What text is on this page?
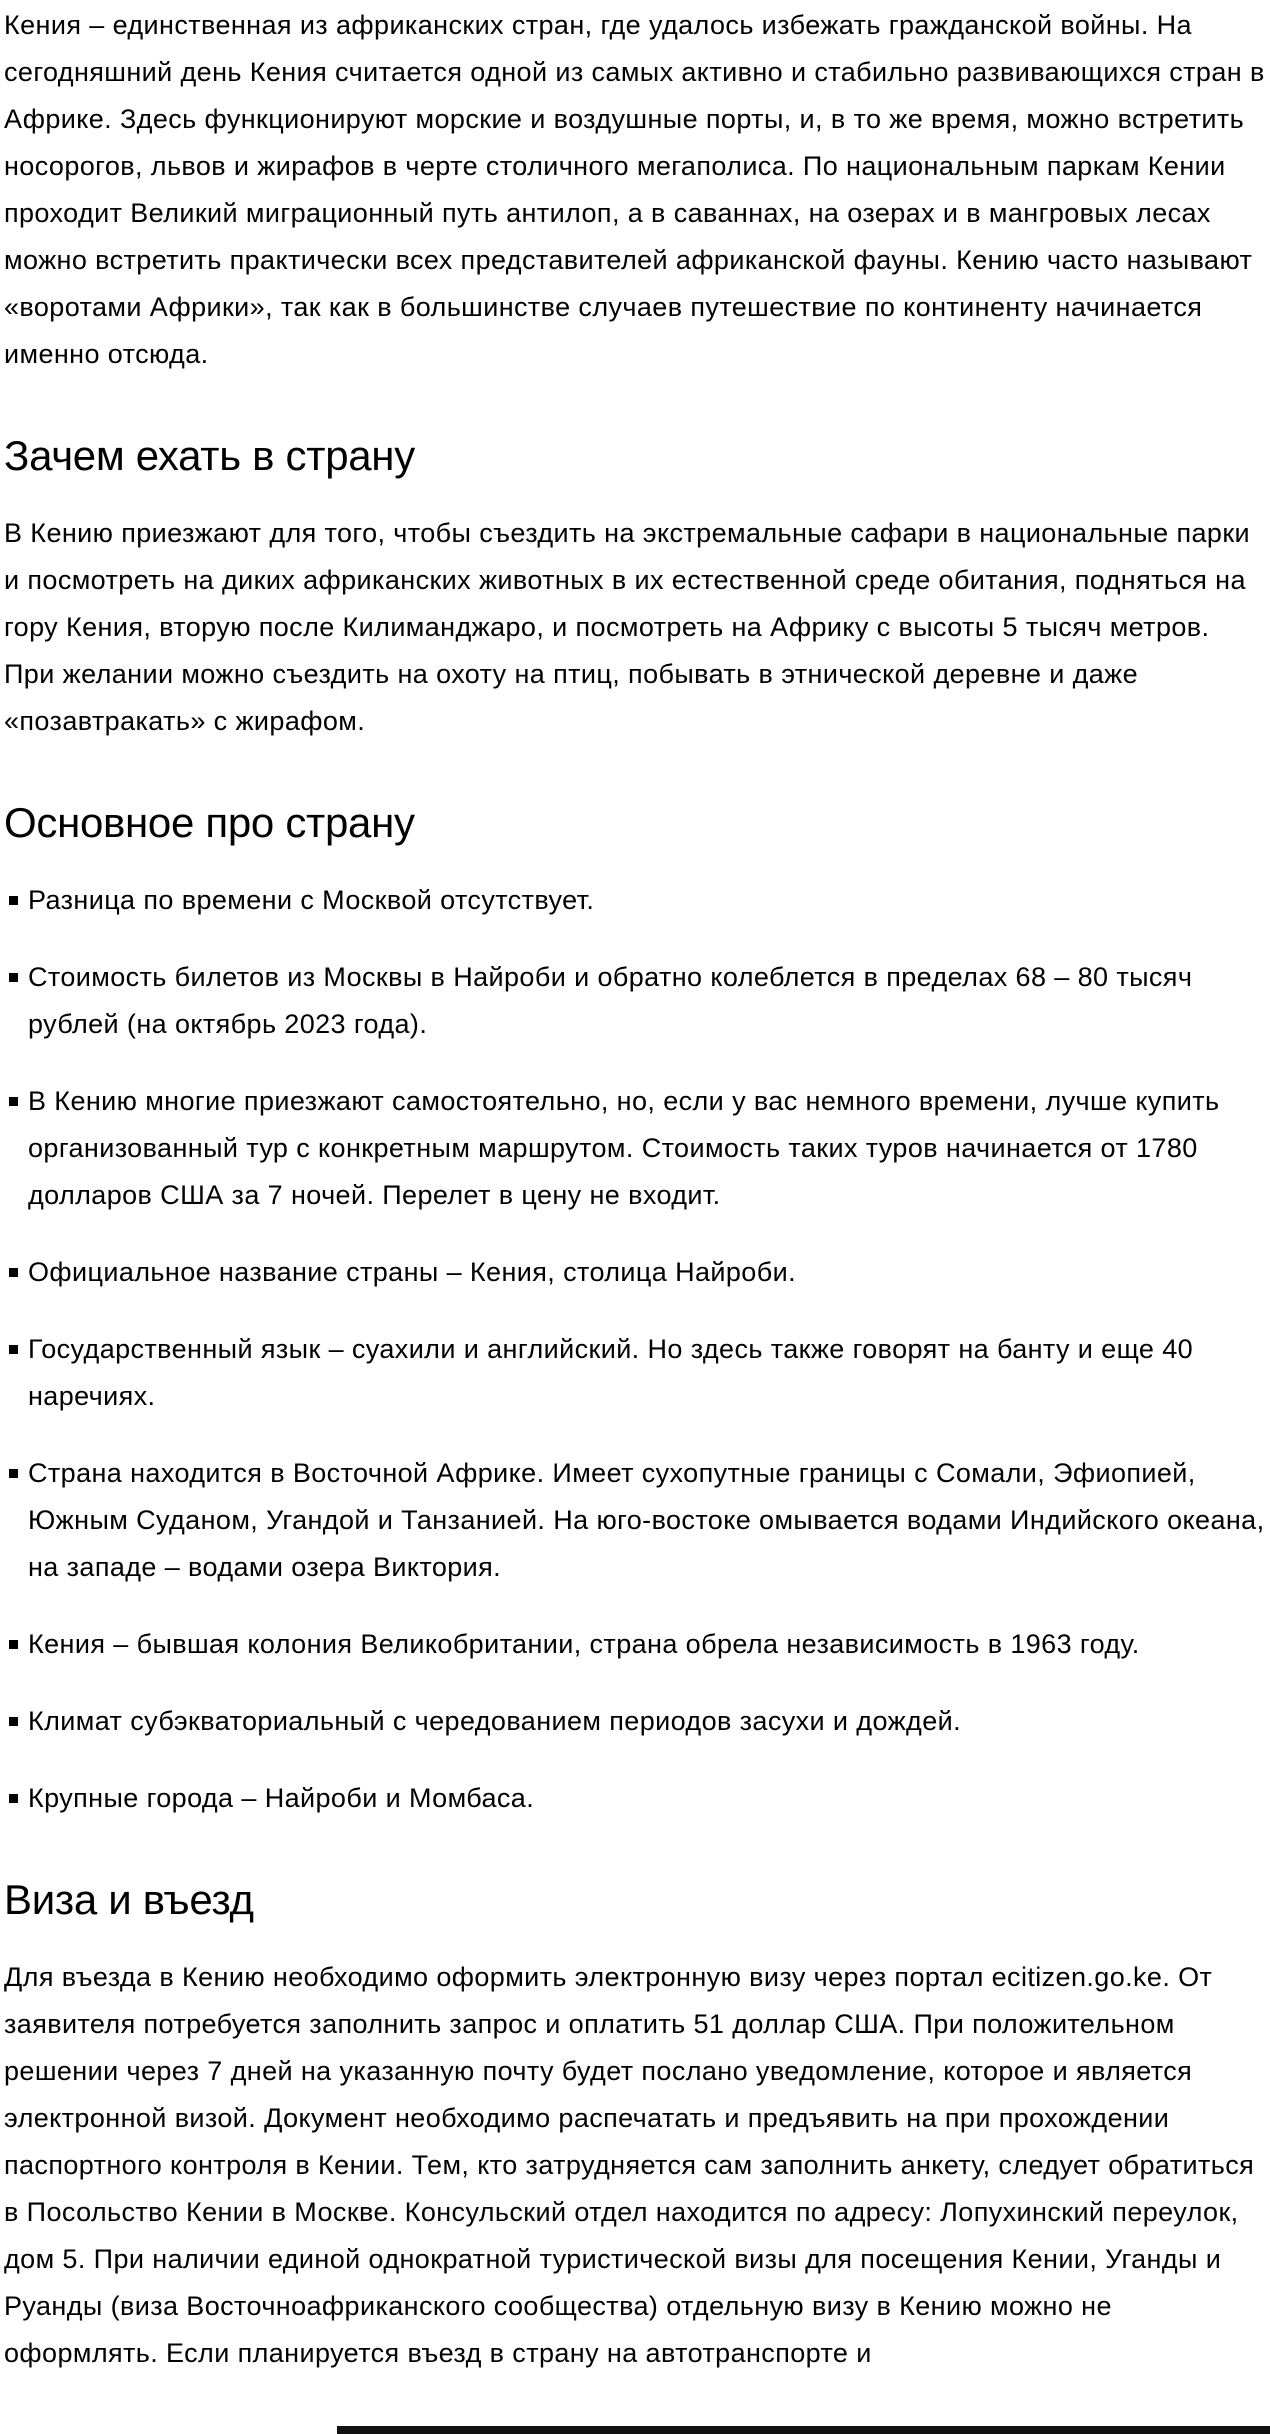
Кения – единственная из африканских стран, где удалось избежать гражданской войны. На сегодняшний день Кения считается одной из самых активно и стабильно развивающихся стран в Африке. Здесь функционируют морские и воздушные порты, и, в то же время, можно встретить носорогов, львов и жирафов в черте столичного мегаполиса. По национальным паркам Кении проходит Великий миграционный путь антилоп, а в саваннах, на озерах и в мангровых лесах можно встретить практически всех представителей африканской фауны. Кению часто называют «воротами Африки», так как в большинстве случаев путешествие по континенту начинается именно отсюда.

Зачем ехать в страну

В Кению приезжают для того, чтобы съездить на экстремальные сафари в национальные парки и посмотреть на диких африканских животных в их естественной среде обитания, подняться на гору Кения, вторую после Килиманджаро, и посмотреть на Африку с высоты 5 тысяч метров. При желании можно съездить на охоту на птиц, побывать в этнической деревне и даже «позавтракать» с жирафом.

Основное про страну
Разница по времени с Москвой отсутствует.
Стоимость билетов из Москвы в Найроби и обратно колеблется в пределах 68 – 80 тысяч рублей (на октябрь 2023 года).
В Кению многие приезжают самостоятельно, но, если у вас немного времени, лучше купить организованный тур с конкретным маршрутом. Стоимость таких туров начинается от 1780 долларов США за 7 ночей. Перелет в цену не входит.
Официальное название страны – Кения, столица Найроби.
Государственный язык – суахили и английский. Но здесь также говорят на банту и еще 40 наречиях.
Страна находится в Восточной Африке. Имеет сухопутные границы с Сомали, Эфиопией, Южным Суданом, Угандой и Танзанией. На юго-востоке омывается водами Индийского океана, на западе – водами озера Виктория.
Кения – бывшая колония Великобритании, страна обрела независимость в 1963 году.
Климат субэкваториальный с чередованием периодов засухи и дождей.
Крупные города – Найроби и Момбаса.
Виза и въезд

Для въезда в Кению необходимо оформить электронную визу через портал ecitizen.go.ke. От заявителя потребуется заполнить запрос и оплатить 51 доллар США. При положительном решении через 7 дней на указанную почту будет послано уведомление, которое и является электронной визой. Документ необходимо распечатать и предъявить на при прохождении паспортного контроля в Кении. Тем, кто затрудняется сам заполнить анкету, следует обратиться в Посольство Кении в Москве. Консульский отдел находится по адресу: Лопухинский переулок, дом 5. При наличии единой однократной туристической визы для посещения Кении, Уганды и Руанды (виза Восточноафриканского сообщества) отдельную визу в Кению можно не оформлять. Если планируется въезд в страну на автотранспорте и
